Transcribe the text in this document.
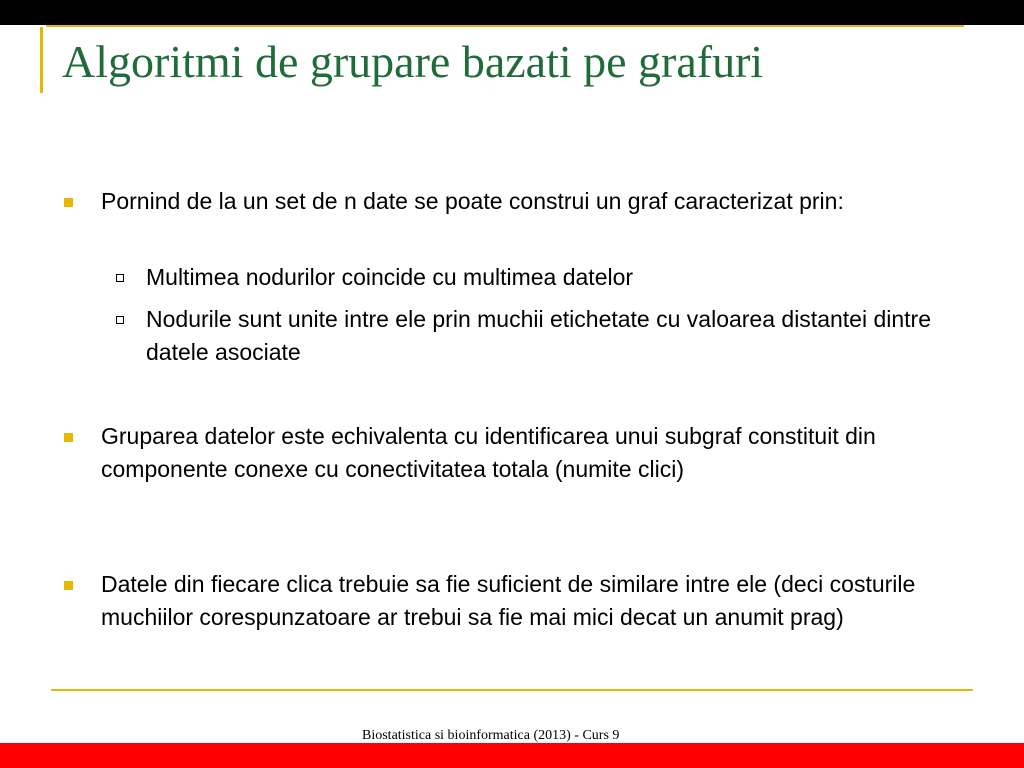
Algoritmi de grupare bazati pe grafuri
Pornind de la un set de n date se poate construi un graf caracterizat prin:
Multimea nodurilor coincide cu multimea datelor
Nodurile sunt unite intre ele prin muchii etichetate cu valoarea distantei dintre datele asociate
Gruparea datelor este echivalenta cu identificarea unui subgraf constituit din componente conexe cu conectivitatea totala (numite clici)
Datele din fiecare clica trebuie sa fie suficient de similare intre ele (deci costurile muchiilor corespunzatoare ar trebui sa fie mai mici decat un anumit prag)
Biostatistica si bioinformatica (2013) - Curs 9
